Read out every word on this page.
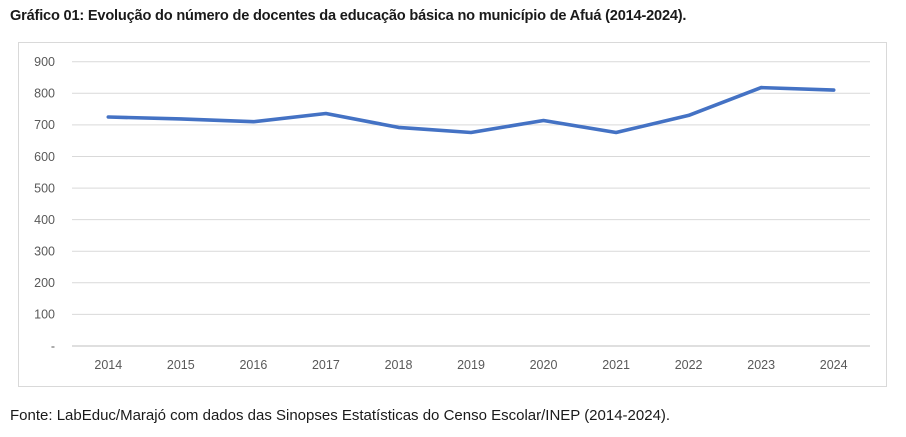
Gráfico 01: Evolução do número de docentes da educação básica no município de Afuá (2014-2024).
900
800
700
600
500
400
300
200
100
-
2014	2015	2016	2017	2018	2019	2020	2021	2022	2023	2024
Fonte: LabEduc/Marajó com dados das Sinopses Estatísticas do Censo Escolar/INEP (2014-2024).
